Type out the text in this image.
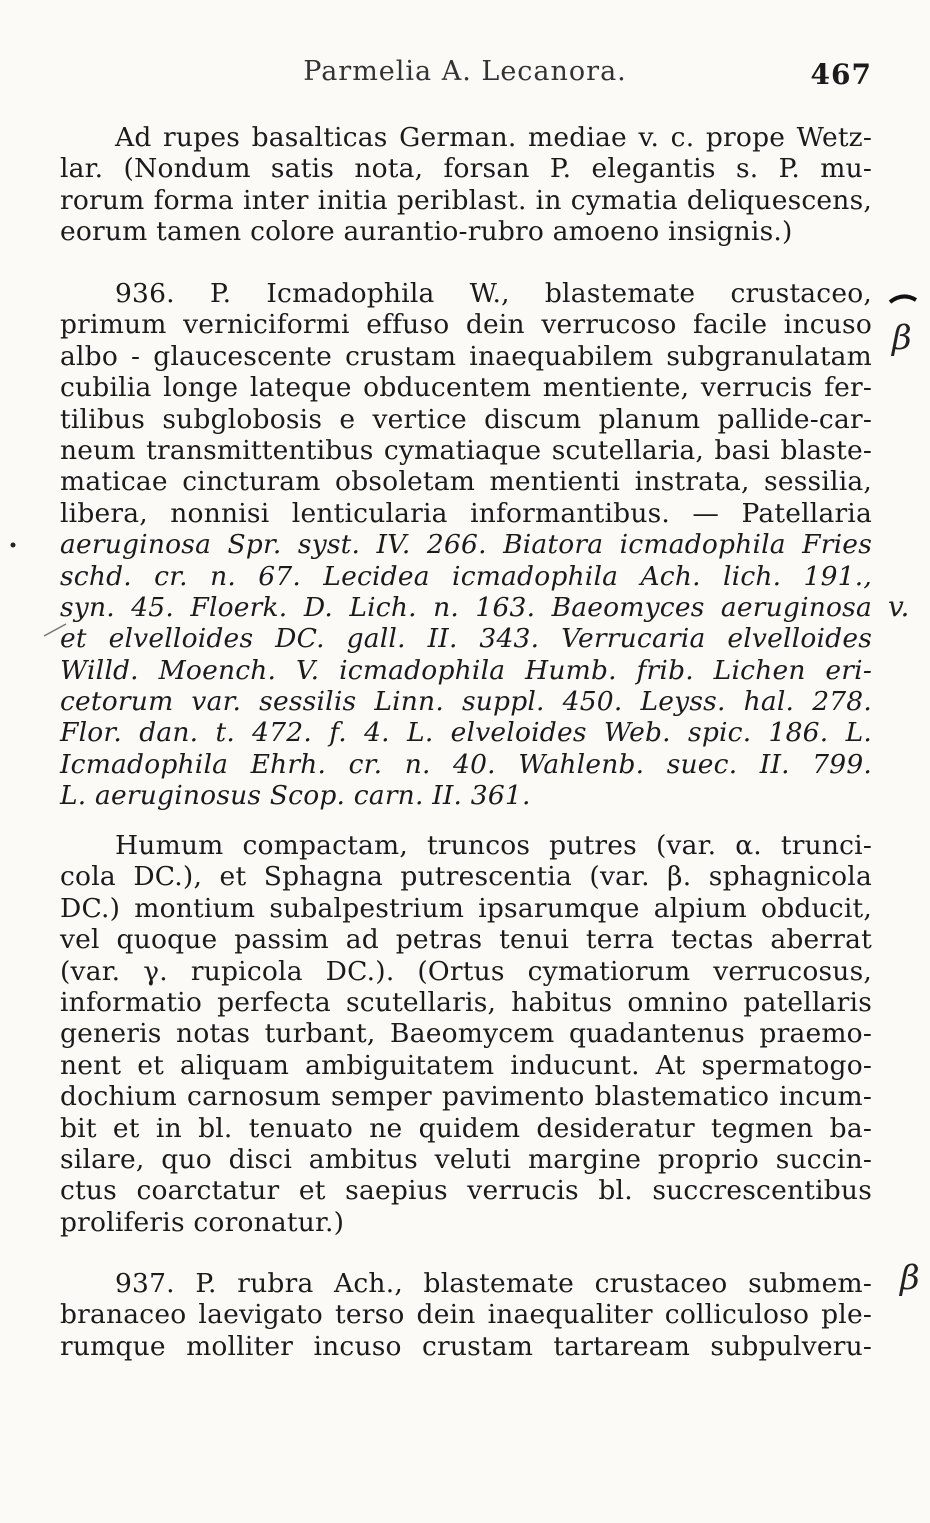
Parmelia A. Lecanora.	467
Ad rupes basalticas German. mediae v. c. prope Wetz-
lar. (Nondum satis nota, forsan P. elegantis s. P. mu-
rorum forma inter initia periblast. in cymatia deliquescens,
eorum tamen colore aurantio-rubro amoeno insignis.)
936. P. Icmadophila W., blastemate crustaceo,
primum verniciformi effuso dein verrucoso facile incuso
albo - glaucescente crustam inaequabilem subgranulatam
cubilia longe lateque obducentem mentiente, verrucis fer-
tilibus subglobosis e vertice discum planum pallide-car-
neum transmittentibus cymatiaque scutellaria, basi blaste-
maticae cincturam obsoletam mentienti instrata, sessilia,
libera, nonnisi lenticularia informantibus. — Patellaria
aeruginosa Spr. syst. IV. 266. Biatora icmadophila Fries
schd. cr. n. 67. Lecidea icmadophila Ach. lich. 191.,
syn. 45. Floerk. D. Lich. n. 163. Baeomyces aeruginosa
et elvelloides DC. gall. II. 343. Verrucaria elvelloides
Willd. Moench. V. icmadophila Humb. frib. Lichen eri-
cetorum var. sessilis Linn. suppl. 450. Leyss. hal. 278.
Flor. dan. t. 472. f. 4. L. elveloides Web. spic. 186. L.
Icmadophila Ehrh. cr. n. 40. Wahlenb. suec. II. 799.
L. aeruginosus Scop. carn. II. 361.
Humum compactam, truncos putres (var. α. trunci-
cola DC.), et Sphagna putrescentia (var. β. sphagnicola
DC.) montium subalpestrium ipsarumque alpium obducit,
vel quoque passim ad petras tenui terra tectas aberrat
(var. γ. rupicola DC.). (Ortus cymatiorum verrucosus,
informatio perfecta scutellaris, habitus omnino patellaris
generis notas turbant, Baeomycem quadantenus praemo-
nent et aliquam ambiguitatem inducunt. At spermatogo-
dochium carnosum semper pavimento blastematico incum-
bit et in bl. tenuato ne quidem desideratur tegmen ba-
silare, quo disci ambitus veluti margine proprio succin-
ctus coarctatur et saepius verrucis bl. succrescentibus
proliferis coronatur.)
937. P. rubra Ach., blastemate crustaceo submem-
branaceo laevigato terso dein inaequaliter colliculoso ple-
rumque molliter incuso crustam tartaream subpulveru-
β
v.
β
